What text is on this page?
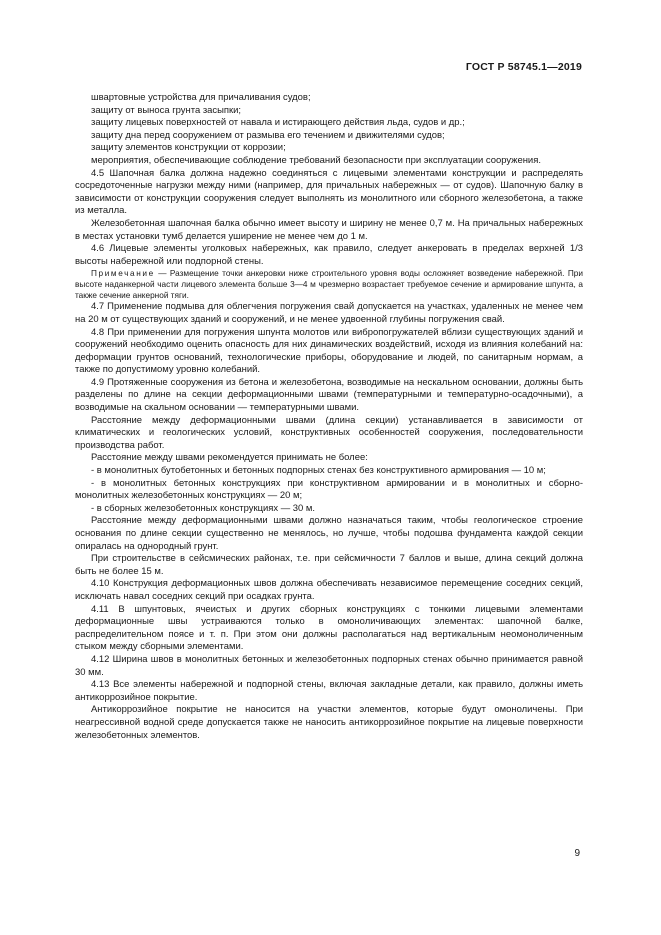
ГОСТ Р 58745.1—2019

швартовные устройства для причаливания судов;

защиту от выноса грунта засыпки;

защиту лицевых поверхностей от навала и истирающего действия льда, судов и др.;

защиту дна перед сооружением от размыва его течением и движителями судов;

защиту элементов конструкции от коррозии;

мероприятия, обеспечивающие соблюдение требований безопасности при эксплуатации сооружения.

4.5 Шапочная балка должна надежно соединяться с лицевыми элементами конструкции и распределять сосредоточенные нагрузки между ними (например, для причальных набережных — от судов). Шапочную балку в зависимости от конструкции сооружения следует выполнять из монолитного или сборного железобетона, а также из металла.

Железобетонная шапочная балка обычно имеет высоту и ширину не менее 0,7 м. На причальных набережных в местах установки тумб делается уширение не менее чем до 1 м.

4.6 Лицевые элементы уголковых набережных, как правило, следует анкеровать в пределах верхней 1/3 высоты набережной или подпорной стены.

Примечание — Размещение точки анкеровки ниже строительного уровня воды осложняет возведение набережной. При высоте наданкерной части лицевого элемента больше 3—4 м чрезмерно возрастает требуемое сечение и армирование шпунта, а также сечение анкерной тяги.

4.7 Применение подмыва для облегчения погружения свай допускается на участках, удаленных не менее чем на 20 м от существующих зданий и сооружений, и не менее удвоенной глубины погружения свай.

4.8 При применении для погружения шпунта молотов или вибропогружателей вблизи существующих зданий и сооружений необходимо оценить опасность для них динамических воздействий, исходя из влияния колебаний на: деформации грунтов оснований, технологические приборы, оборудование и людей, по санитарным нормам, а также по допустимому уровню колебаний.

4.9 Протяженные сооружения из бетона и железобетона, возводимые на нескальном основании, должны быть разделены по длине на секции деформационными швами (температурными и температурно-осадочными), а возводимые на скальном основании — температурными швами.

Расстояние между деформационными швами (длина секции) устанавливается в зависимости от климатических и геологических условий, конструктивных особенностей сооружения, последовательности производства работ.

Расстояние между швами рекомендуется принимать не более:

- в монолитных бутобетонных и бетонных подпорных стенах без конструктивного армирования — 10 м;

- в монолитных бетонных конструкциях при конструктивном армировании и в монолитных и сборно-монолитных железобетонных конструкциях — 20 м;

- в сборных железобетонных конструкциях — 30 м.

Расстояние между деформационными швами должно назначаться таким, чтобы геологическое строение основания по длине секции существенно не менялось, но лучше, чтобы подошва фундамента каждой секции опиралась на однородный грунт.

При строительстве в сейсмических районах, т.е. при сейсмичности 7 баллов и выше, длина секций должна быть не более 15 м.

4.10 Конструкция деформационных швов должна обеспечивать независимое перемещение соседних секций, исключать навал соседних секций при осадках грунта.

4.11 В шпунтовых, ячеистых и других сборных конструкциях с тонкими лицевыми элементами деформационные швы устраиваются только в омоноличивающих элементах: шапочной балке, распределительном поясе и т. п. При этом они должны располагаться над вертикальным неомоноличенным стыком между сборными элементами.

4.12 Ширина швов в монолитных бетонных и железобетонных подпорных стенах обычно принимается равной 30 мм.

4.13 Все элементы набережной и подпорной стены, включая закладные детали, как правило, должны иметь антикоррозийное покрытие.

Антикоррозийное покрытие не наносится на участки элементов, которые будут омоноличены. При неагрессивной водной среде допускается также не наносить антикоррозийное покрытие на лицевые поверхности железобетонных элементов.

9
